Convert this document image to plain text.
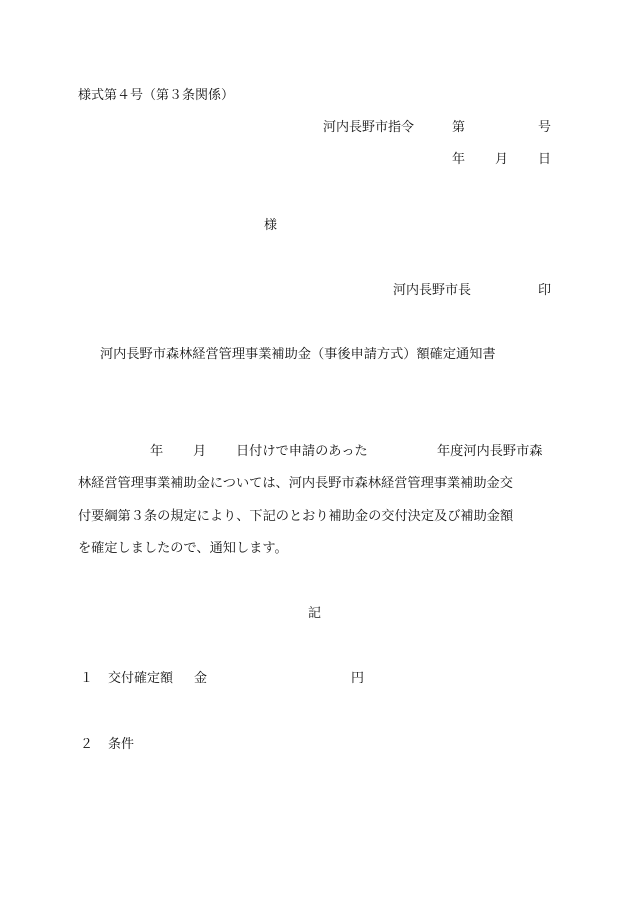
様式第４号（第３条関係）
河内長野市指令	第	号
年 月 日
様
河内長野市長	印
河内長野市森林経営管理事業補助金（事後申請方式）額確定通知書
年 月 日付けで申請のあった	年度河内長野市森
林経営管理事業補助金については、河内長野市森林経営管理事業補助金交
付要綱第３条の規定により、下記のとおり補助金の交付決定及び補助金額
を確定しましたので、通知します。
記
１ 交付確定額 金	円
２ 条件
